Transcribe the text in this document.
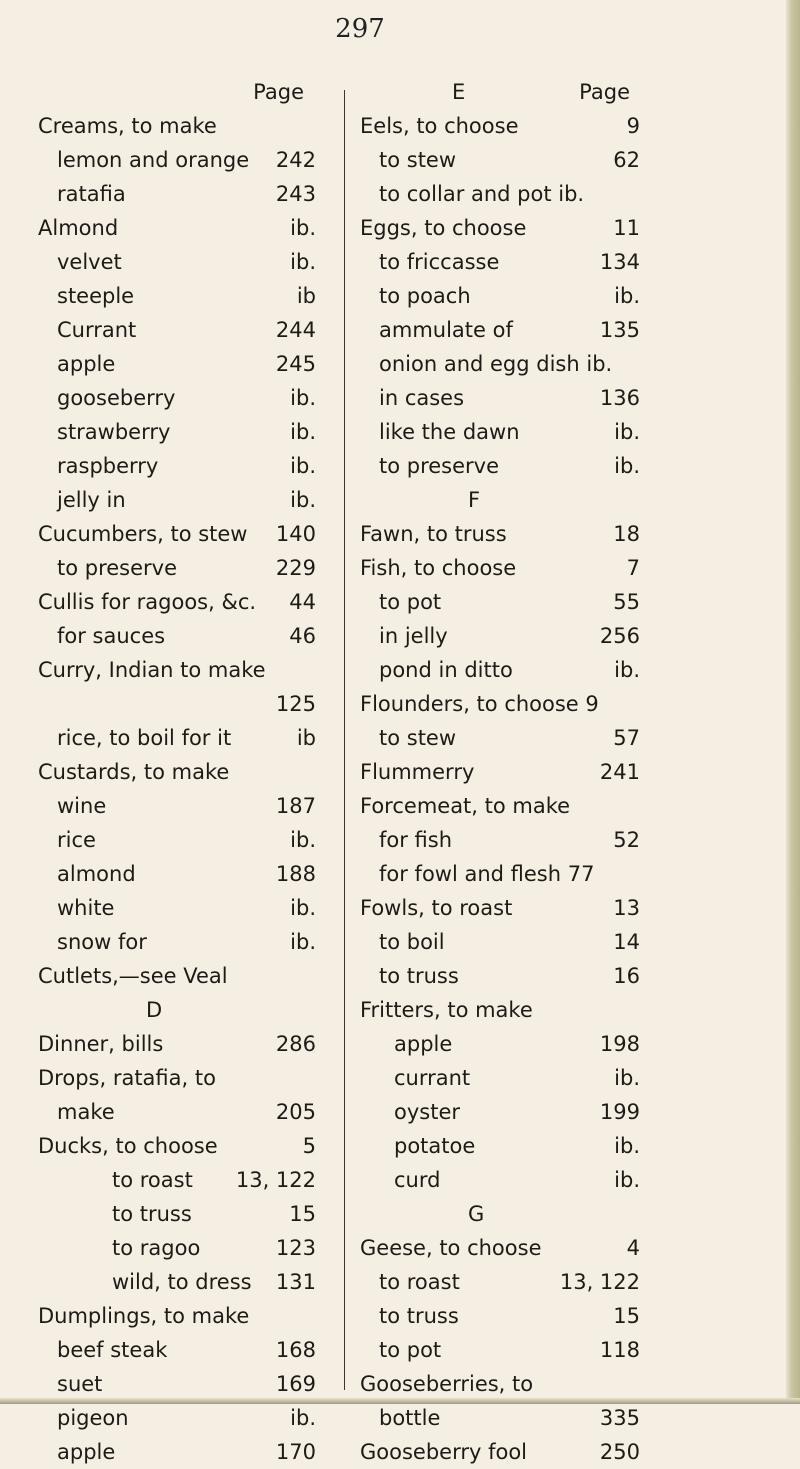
297
Page
Creams, to make
lemon and orange 242
ratafia	243
Almond	ib.
velvet	ib.
steeple	ib
Currant	244
apple	245
gooseberry	ib.
strawberry	ib.
raspberry	ib.
jelly in	ib.
Cucumbers, to stew 140
to preserve	229
Cullis for ragoos, &c. 44
for sauces	46
Curry, Indian to make
125
rice, to boil for it	ib
Custards, to make
wine	187
rice	ib.
almond	188
white	ib.
snow for	ib.
Cutlets,—see Veal
D
Dinner, bills	286
Drops, ratafia, to
make	205
Ducks, to choose	5
to roast 13, 122
to truss	15
to ragoo	123
wild, to dress 131
Dumplings, to make
beef steak	168
suet	169
pigeon	ib.
apple	170
E	Page
Eels, to choose	9
to stew	62
to collar and pot ib.
Eggs, to choose	11
to friccasse	134
to poach	ib.
ammulate of	135
onion and egg dish ib.
in cases	136
like the dawn	ib.
to preserve	ib.
F
Fawn, to truss	18
Fish, to choose	7
to pot	55
in jelly	256
pond in ditto	ib.
Flounders, to choose 9
to stew	57
Flummerry	241
Forcemeat, to make
for fish	52
for fowl and flesh 77
Fowls, to roast	13
to boil	14
to truss	16
Fritters, to make
apple	198
currant	ib.
oyster	199
potatoe	ib.
curd	ib.
G
Geese, to choose	4
to roast	13, 122
to truss	15
to pot	118
Gooseberries, to
bottle	335
Gooseberry fool	250
